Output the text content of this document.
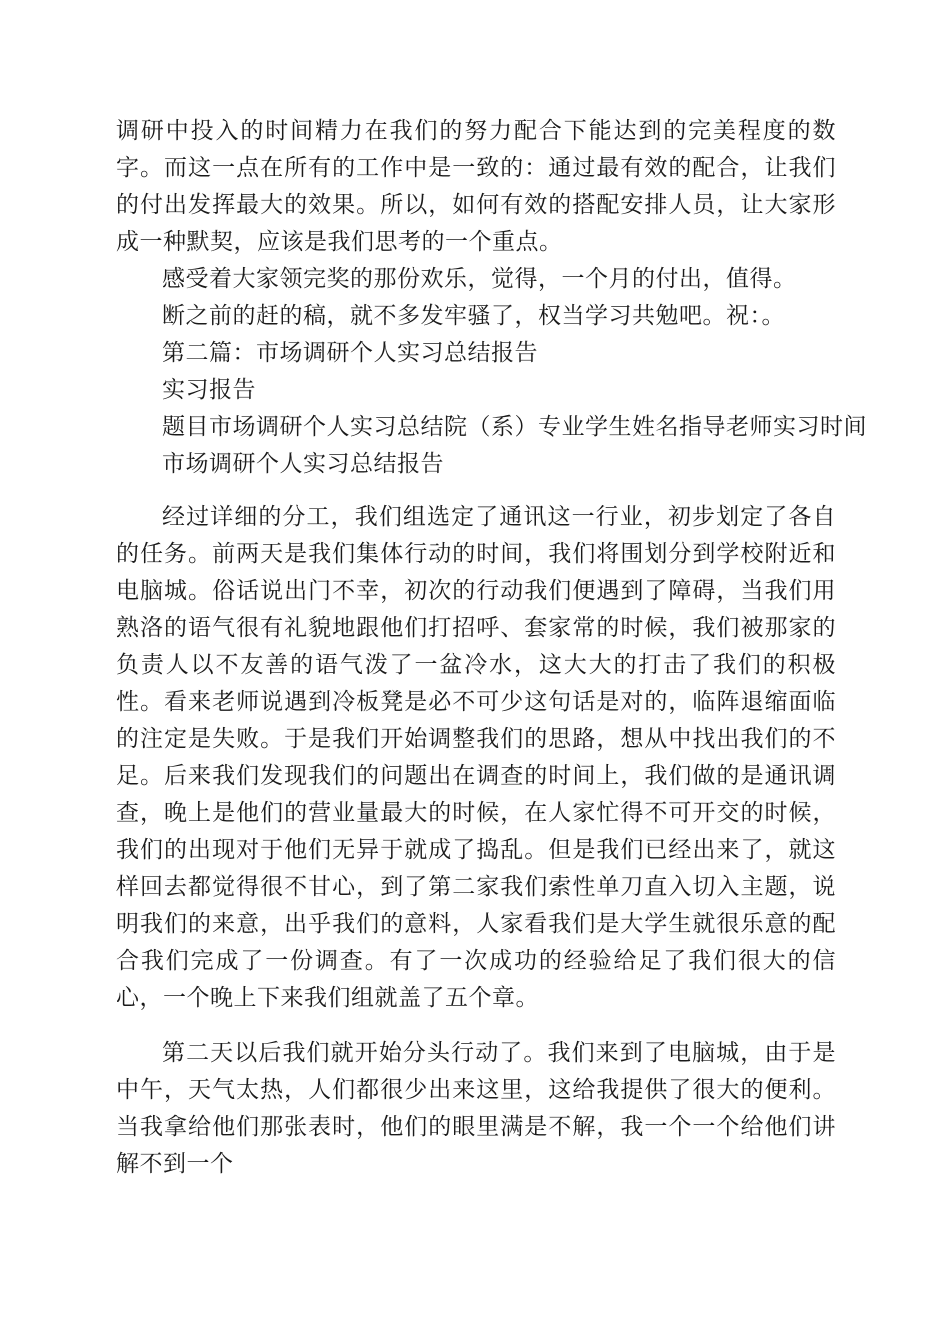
调研中投入的时间精力在我们的努力配合下能达到的完美程度的数字。而这一点在所有的工作中是一致的：通过最有效的配合，让我们的付出发挥最大的效果。所以，如何有效的搭配安排人员，让大家形成一种默契，应该是我们思考的一个重点。

感受着大家领完奖的那份欢乐，觉得，一个月的付出，值得。

断之前的赶的稿，就不多发牢骚了，权当学习共勉吧。祝：。

第二篇：市场调研个人实习总结报告

实习报告

题目市场调研个人实习总结院（系）专业学生姓名指导老师实习时间

市场调研个人实习总结报告

经过详细的分工，我们组选定了通讯这一行业，初步划定了各自的任务。前两天是我们集体行动的时间，我们将围划分到学校附近和电脑城。俗话说出门不幸，初次的行动我们便遇到了障碍，当我们用熟洛的语气很有礼貌地跟他们打招呼、套家常的时候，我们被那家的负责人以不友善的语气泼了一盆冷水，这大大的打击了我们的积极性。看来老师说遇到冷板凳是必不可少这句话是对的，临阵退缩面临的注定是失败。于是我们开始调整我们的思路，想从中找出我们的不足。后来我们发现我们的问题出在调查的时间上，我们做的是通讯调查，晚上是他们的营业量最大的时候，在人家忙得不可开交的时候，我们的出现对于他们无异于就成了捣乱。但是我们已经出来了，就这样回去都觉得很不甘心，到了第二家我们索性单刀直入切入主题，说明我们的来意，出乎我们的意料，人家看我们是大学生就很乐意的配合我们完成了一份调查。有了一次成功的经验给足了我们很大的信心，一个晚上下来我们组就盖了五个章。

第二天以后我们就开始分头行动了。我们来到了电脑城，由于是中午，天气太热，人们都很少出来这里，这给我提供了很大的便利。当我拿给他们那张表时，他们的眼里满是不解，我一个一个给他们讲解不到一个
